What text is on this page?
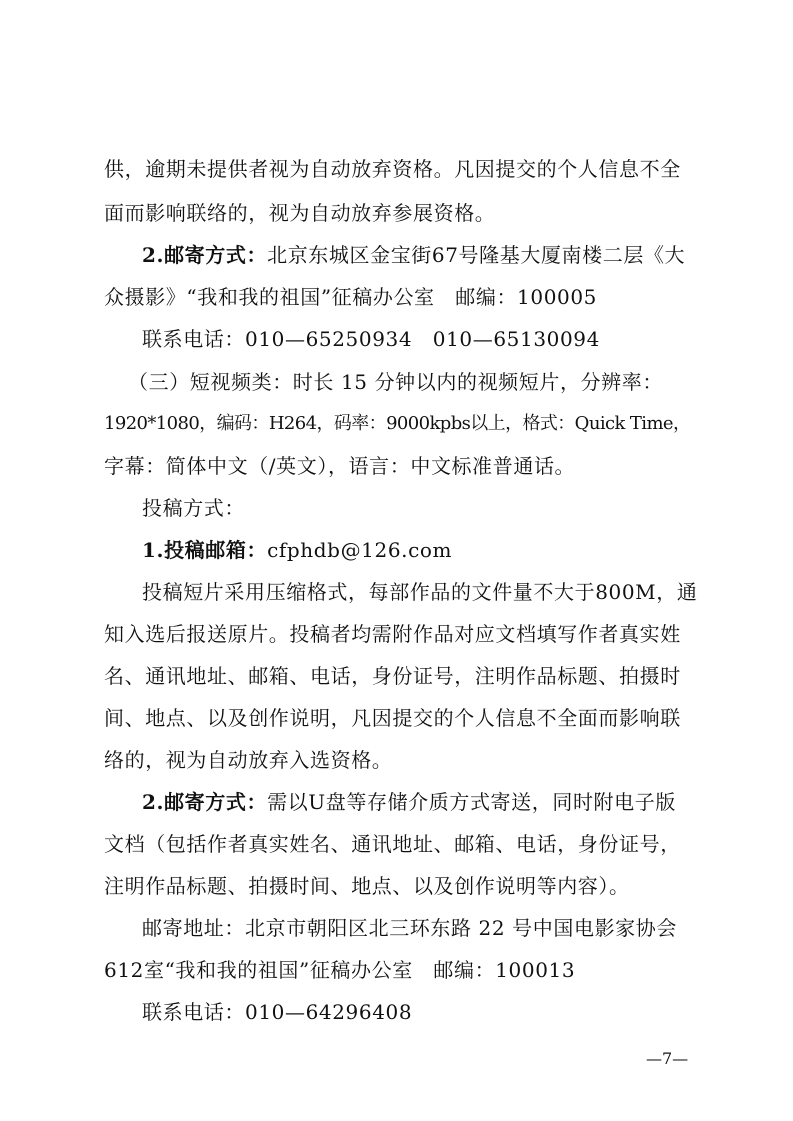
供，逾期未提供者视为自动放弃资格。凡因提交的个人信息不全
面而影响联络的，视为自动放弃参展资格。
2.邮寄方式：北京东城区金宝街67号隆基大厦南楼二层《大
众摄影》“我和我的祖国”征稿办公室　邮编：100005
联系电话：010—65250934　010—65130094
（三）短视频类：时长 15 分钟以内的视频短片，分辨率：
1920*1080，编码：H264，码率：9000kpbs以上，格式：Quick Time，
字幕：简体中文（/英文），语言：中文标准普通话。
投稿方式：
1.投稿邮箱：cfphdb@126.com
投稿短片采用压缩格式，每部作品的文件量不大于800M，通
知入选后报送原片。投稿者均需附作品对应文档填写作者真实姓
名、通讯地址、邮箱、电话，身份证号，注明作品标题、拍摄时
间、地点、以及创作说明，凡因提交的个人信息不全面而影响联
络的，视为自动放弃入选资格。
2.邮寄方式：需以U盘等存储介质方式寄送，同时附电子版
文档（包括作者真实姓名、通讯地址、邮箱、电话，身份证号，
注明作品标题、拍摄时间、地点、以及创作说明等内容）。
邮寄地址：北京市朝阳区北三环东路 22 号中国电影家协会
612室“我和我的祖国”征稿办公室　邮编：100013
联系电话：010—64296408
—7—
